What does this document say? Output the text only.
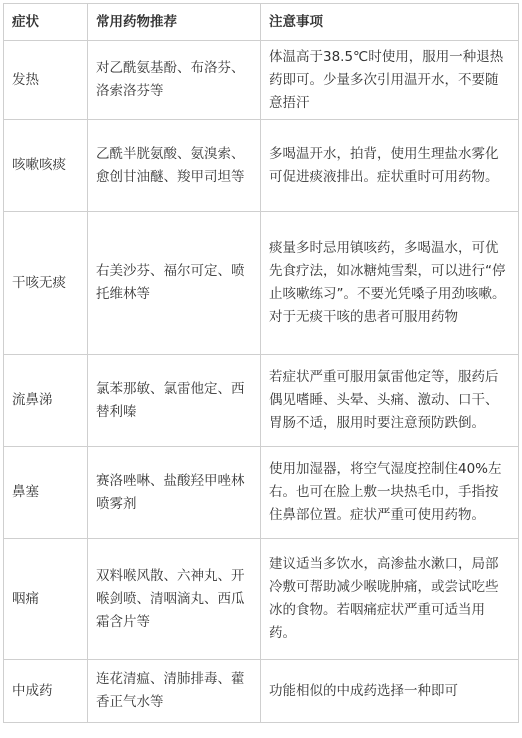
症状	常用药物推荐	注意事项
发热	对乙酰氨基酚、布洛芬、洛索洛芬等	体温高于38.5℃时使用，服用一种退热药即可。少量多次引用温开水，不要随意捂汗
咳嗽咳痰	乙酰半胱氨酸、氨溴索、愈创甘油醚、羧甲司坦等	多喝温开水，拍背，使用生理盐水雾化可促进痰液排出。症状重时可用药物。
干咳无痰	右美沙芬、福尔可定、喷托维林等	痰量多时忌用镇咳药，多喝温水，可优先食疗法，如冰糖炖雪梨，可以进行“停止咳嗽练习”。不要光凭嗓子用劲咳嗽。对于无痰干咳的患者可服用药物
流鼻涕	氯苯那敏、氯雷他定、西替利嗪	若症状严重可服用氯雷他定等，服药后偶见嗜睡、头晕、头痛、激动、口干、胃肠不适，服用时要注意预防跌倒。
鼻塞	赛洛唑啉、盐酸羟甲唑林喷雾剂	使用加湿器，将空气湿度控制住40%左右。也可在脸上敷一块热毛巾，手指按住鼻部位置。症状严重可使用药物。
咽痛	双料喉风散、六神丸、开喉剑喷、清咽滴丸、西瓜霜含片等	建议适当多饮水，高渗盐水漱口，局部冷敷可帮助减少喉咙肿痛，或尝试吃些冰的食物。若咽痛症状严重可适当用药。
中成药	连花清瘟、清肺排毒、藿香正气水等	功能相似的中成药选择一种即可
